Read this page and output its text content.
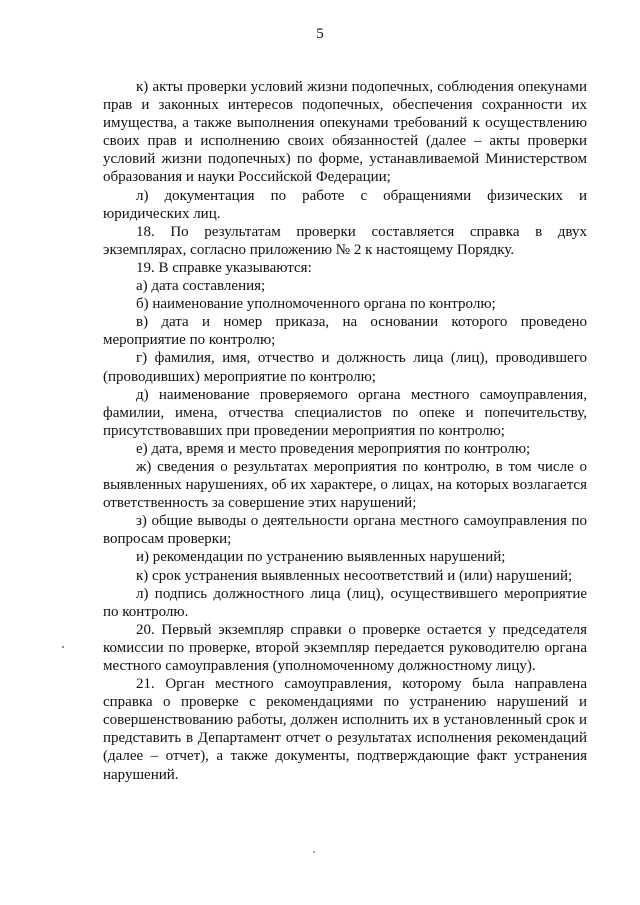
5

к) акты проверки условий жизни подопечных, соблюдения опекунами прав и законных интересов подопечных, обеспечения сохранности их имущества, а также выполнения опекунами требований к осуществлению своих прав и исполнению своих обязанностей (далее – акты проверки условий жизни подопечных) по форме, устанавливаемой Министерством образования и науки Российской Федерации;

л) документация по работе с обращениями физических и юридических лиц.

18. По результатам проверки составляется справка в двух экземплярах, согласно приложению № 2 к настоящему Порядку.

19. В справке указываются:

а) дата составления;

б) наименование уполномоченного органа по контролю;

в) дата и номер приказа, на основании которого проведено мероприятие по контролю;

г) фамилия, имя, отчество и должность лица (лиц), проводившего (проводивших) мероприятие по контролю;

д) наименование проверяемого органа местного самоуправления, фамилии, имена, отчества специалистов по опеке и попечительству, присутствовавших при проведении мероприятия по контролю;

е) дата, время и место проведения мероприятия по контролю;

ж) сведения о результатах мероприятия по контролю, в том числе о выявленных нарушениях, об их характере, о лицах, на которых возлагается ответственность за совершение этих нарушений;

з) общие выводы о деятельности органа местного самоуправления по вопросам проверки;

и) рекомендации по устранению выявленных нарушений;

к) срок устранения выявленных несоответствий и (или) нарушений;

л) подпись должностного лица (лиц), осуществившего мероприятие по контролю.

20. Первый экземпляр справки о проверке остается у председателя комиссии по проверке, второй экземпляр передается руководителю органа местного самоуправления (уполномоченному должностному лицу).

21. Орган местного самоуправления, которому была направлена справка о проверке с рекомендациями по устранению нарушений и совершенствованию работы, должен исполнить их в установленный срок и представить в Департамент отчет о результатах исполнения рекомендаций (далее – отчет), а также документы, подтверждающие факт устранения нарушений.
